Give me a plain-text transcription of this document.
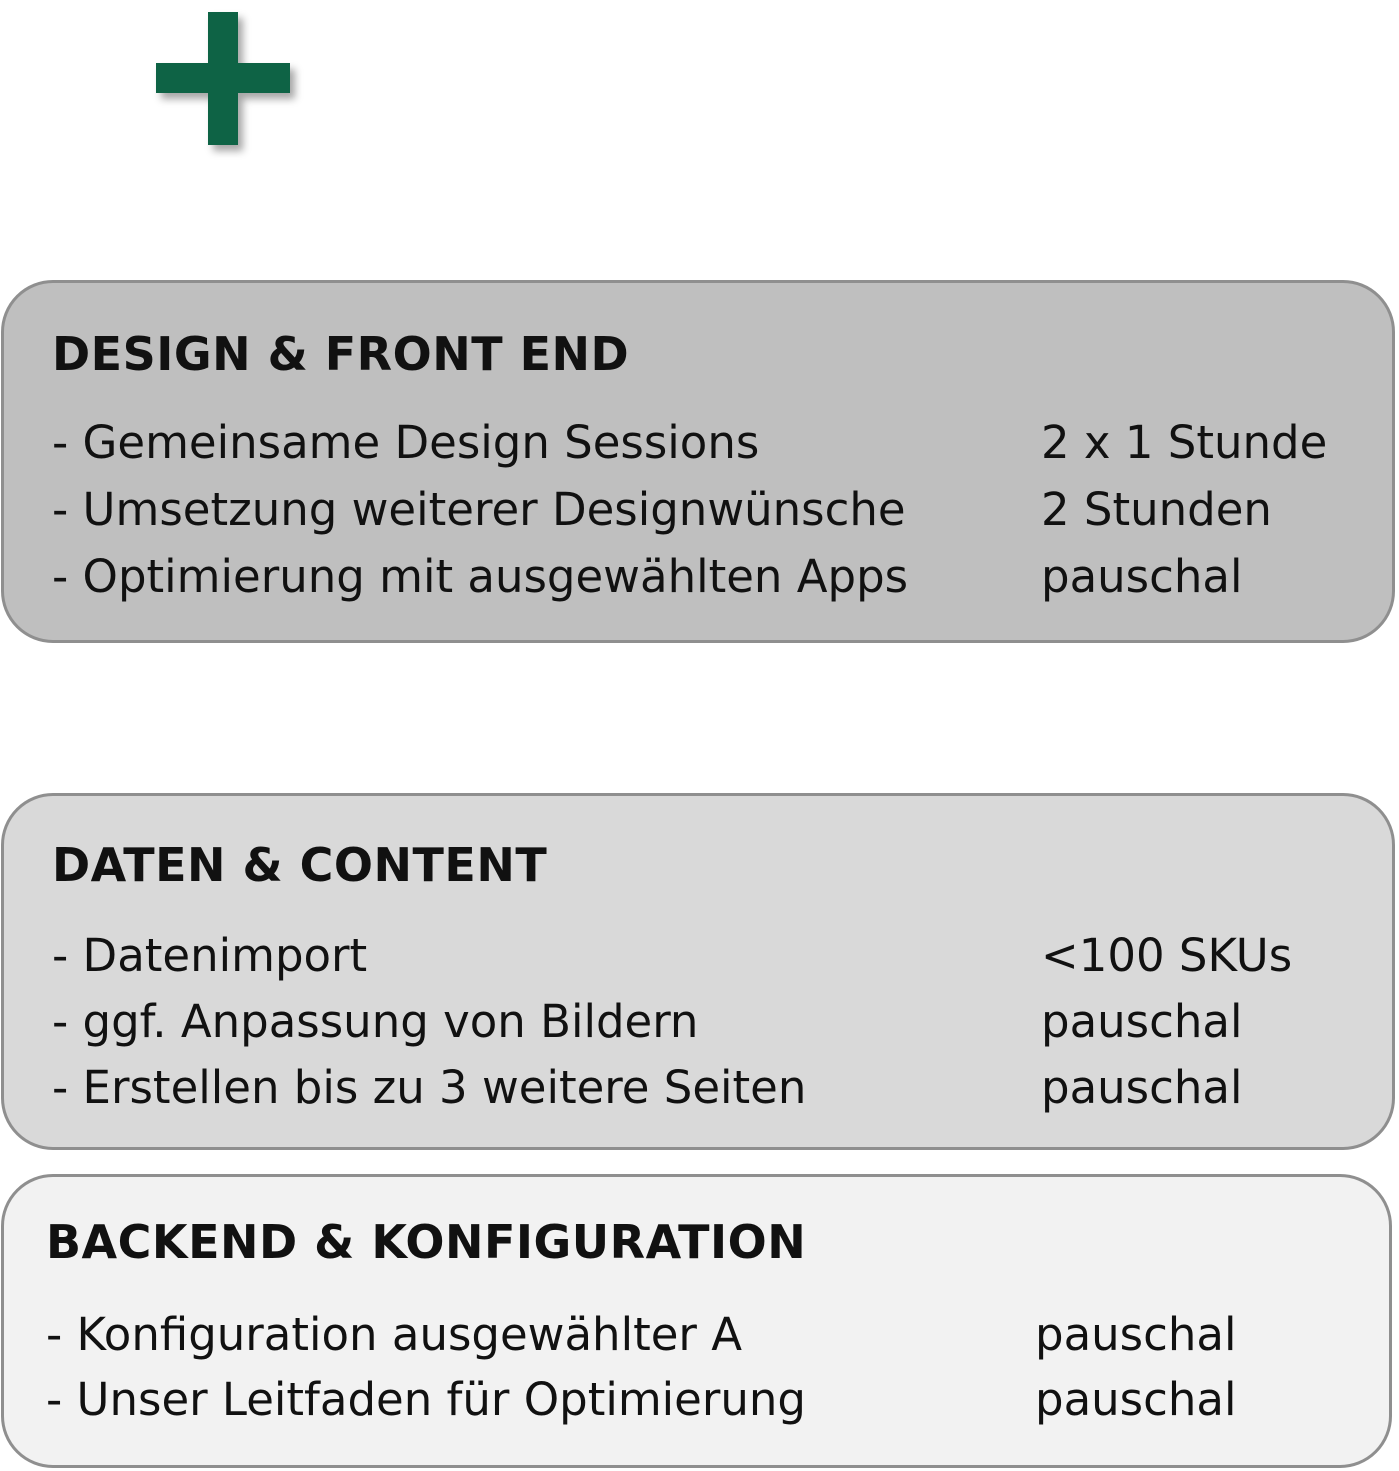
DESIGN & FRONT END
- Gemeinsame Design Sessions	2 x 1 Stunde
- Umsetzung weiterer Designwünsche	2 Stunden
- Optimierung mit ausgewählten Apps	pauschal
DATEN & CONTENT
- Datenimport	<100 SKUs
- ggf. Anpassung von Bildern	pauschal
- Erstellen bis zu 3 weitere Seiten	pauschal
BACKEND & KONFIGURATION
- Konfiguration ausgewählter A	pauschal
- Unser Leitfaden für Optimierung	pauschal
